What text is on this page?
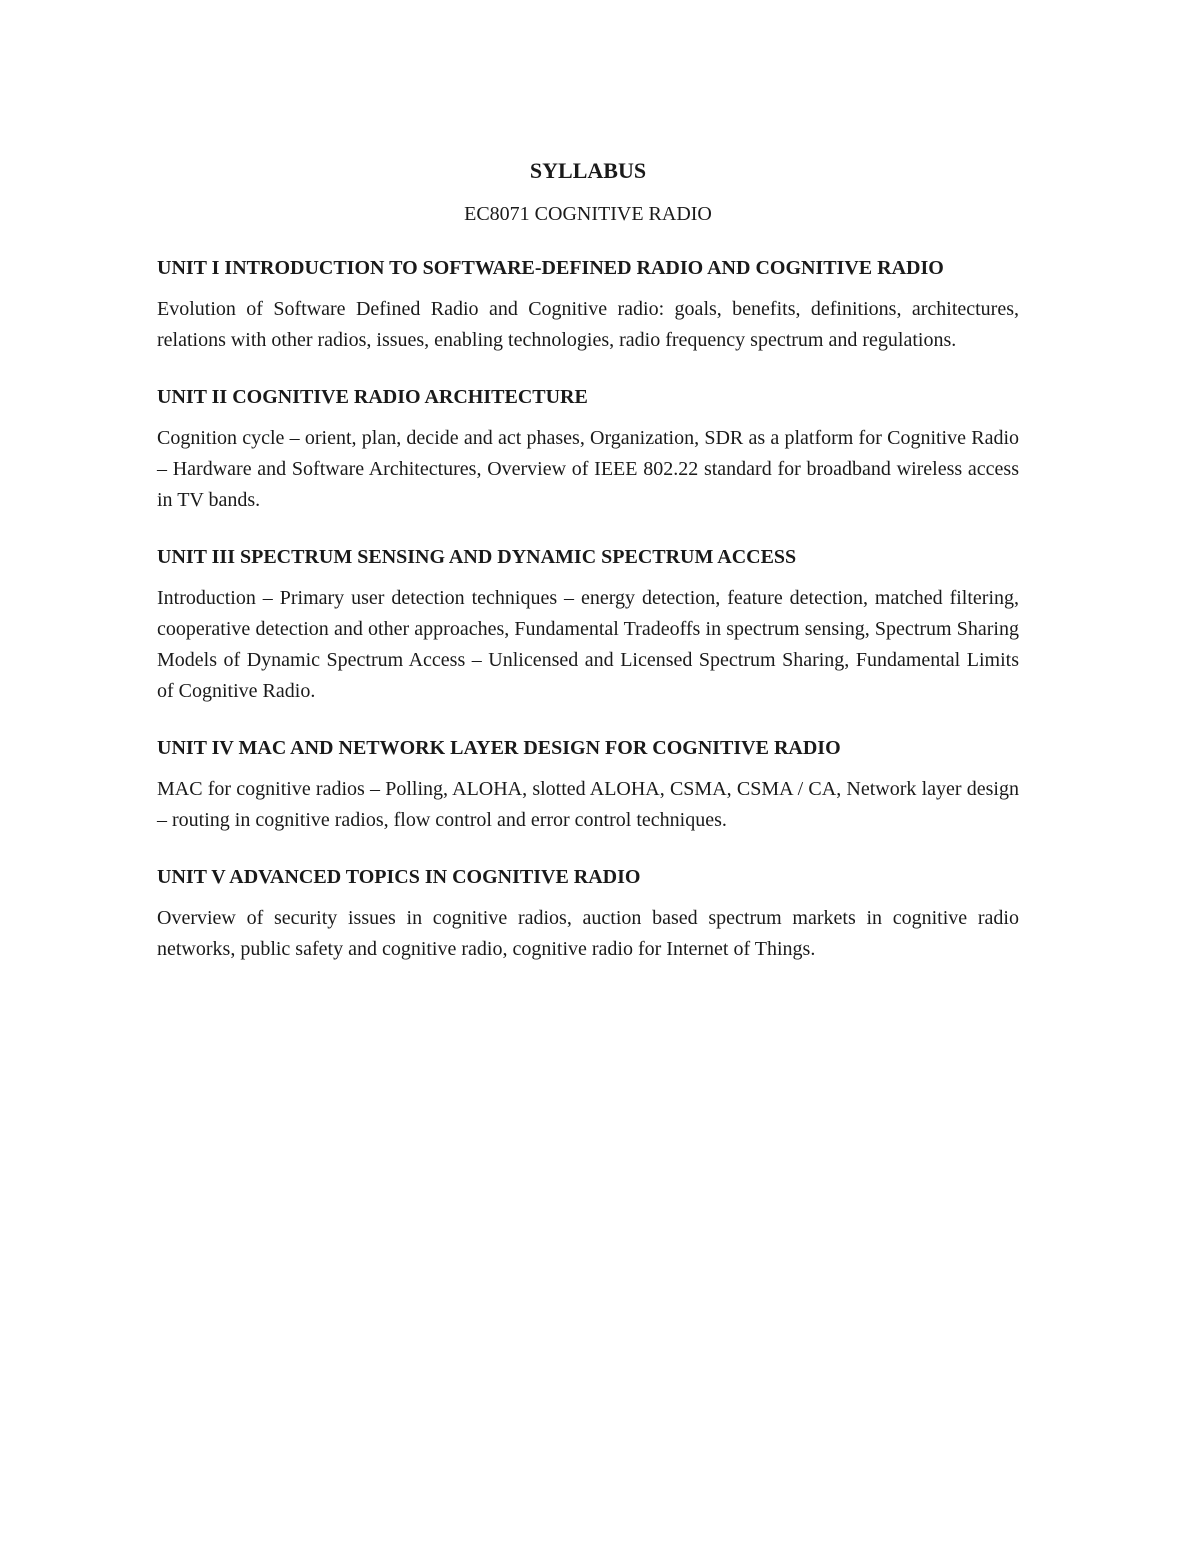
SYLLABUS
EC8071 COGNITIVE RADIO
UNIT I INTRODUCTION TO SOFTWARE-DEFINED RADIO AND COGNITIVE RADIO

Evolution of Software Defined Radio and Cognitive radio: goals, benefits, definitions, architectures, relations with other radios, issues, enabling technologies, radio frequency spectrum and regulations.

UNIT II COGNITIVE RADIO ARCHITECTURE

Cognition cycle – orient, plan, decide and act phases, Organization, SDR as a platform for Cognitive Radio – Hardware and Software Architectures, Overview of IEEE 802.22 standard for broadband wireless access in TV bands.

UNIT III SPECTRUM SENSING AND DYNAMIC SPECTRUM ACCESS

Introduction – Primary user detection techniques – energy detection, feature detection, matched filtering, cooperative detection and other approaches, Fundamental Tradeoffs in spectrum sensing, Spectrum Sharing Models of Dynamic Spectrum Access – Unlicensed and Licensed Spectrum Sharing, Fundamental Limits of Cognitive Radio.

UNIT IV MAC AND NETWORK LAYER DESIGN FOR COGNITIVE RADIO

MAC for cognitive radios – Polling, ALOHA, slotted ALOHA, CSMA, CSMA / CA, Network layer design – routing in cognitive radios, flow control and error control techniques.

UNIT V ADVANCED TOPICS IN COGNITIVE RADIO

Overview of security issues in cognitive radios, auction based spectrum markets in cognitive radio networks, public safety and cognitive radio, cognitive radio for Internet of Things.
